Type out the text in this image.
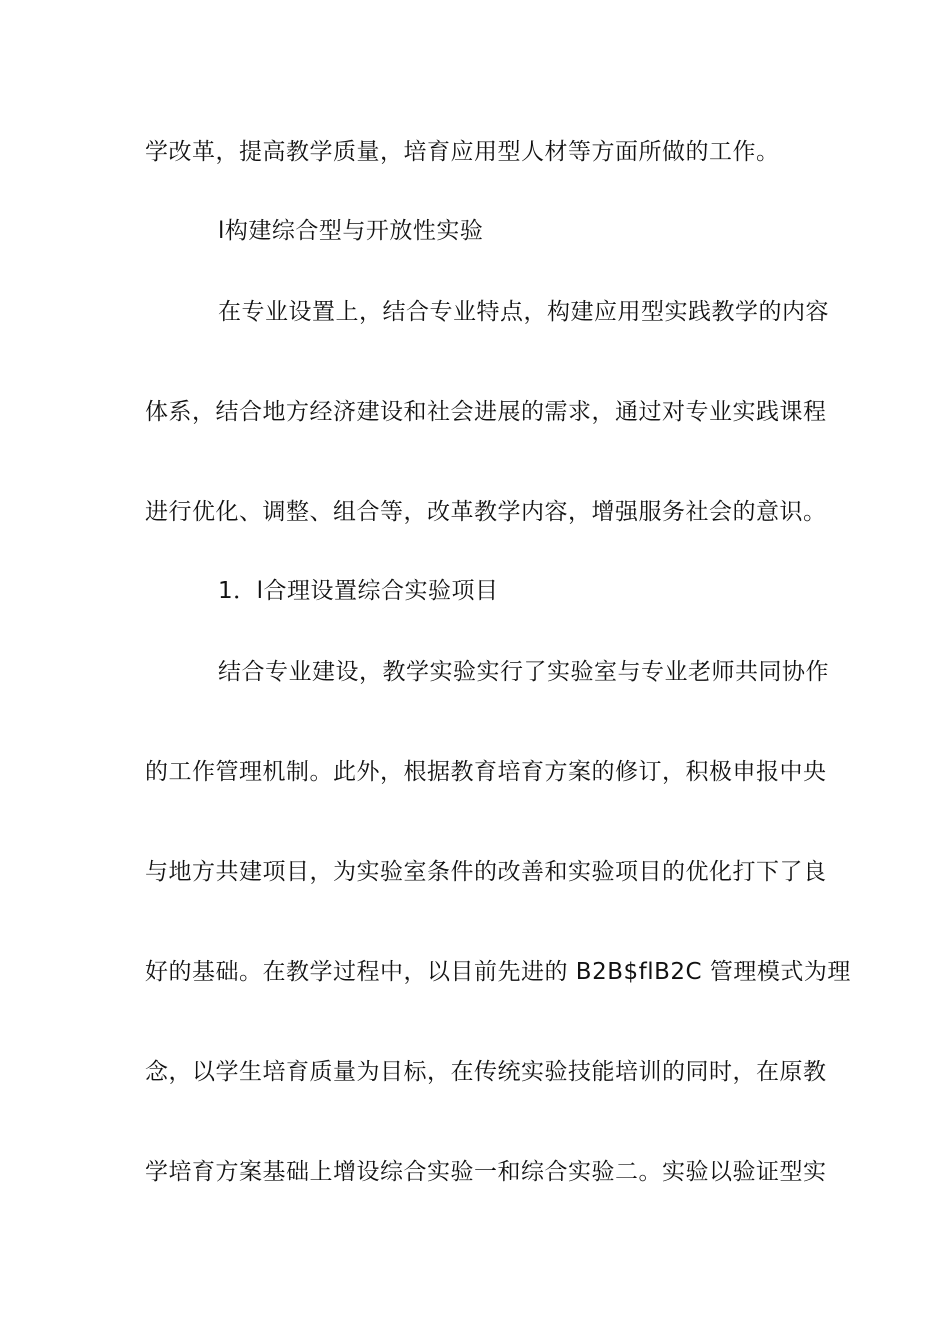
学改革，提高教学质量，培育应用型人材等方面所做的工作。
l构建综合型与开放性实验
在专业设置上，结合专业特点，构建应用型实践教学的内容
体系，结合地方经济建设和社会进展的需求，通过对专业实践课程
进行优化、调整、组合等，改革教学内容，增强服务社会的意识。
1．l合理设置综合实验项目
结合专业建设，教学实验实行了实验室与专业老师共同协作
的工作管理机制。此外，根据教育培育方案的修订，积极申报中央
与地方共建项目，为实验室条件的改善和实验项目的优化打下了良
好的基础。在教学过程中，以目前先进的 B2B$flB2C 管理模式为理
念，以学生培育质量为目标，在传统实验技能培训的同时，在原教
学培育方案基础上增设综合实验一和综合实验二。实验以验证型实
